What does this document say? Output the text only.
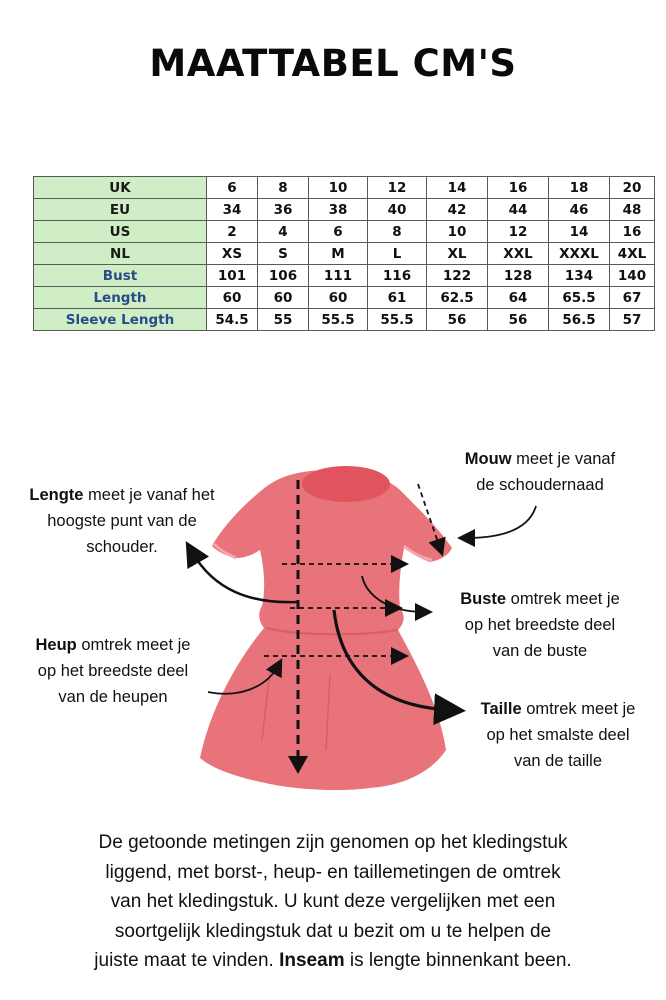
MAATTABEL CM'S
UK	6	8	10	12	14	16	18	20
EU	34	36	38	40	42	44	46	48
US	2	4	6	8	10	12	14	16
NL	XS	S	M	L	XL	XXL	XXXL	4XL
Bust	101	106	111	116	122	128	134	140
Length	60	60	60	61	62.5	64	65.5	67
Sleeve Length	54.5	55	55.5	55.5	56	56	56.5	57
Lengte meet je vanaf het
hoogste punt van de
schouder.
Mouw meet je vanaf
de schoudernaad
Buste omtrek meet je
op het breedste deel
van de buste
Heup omtrek meet je
op het breedste deel
van de heupen
Taille omtrek meet je
op het smalste deel
van de taille
De getoonde metingen zijn genomen op het kledingstuk
liggend, met borst-, heup- en taillemetingen de omtrek
van het kledingstuk. U kunt deze vergelijken met een
soortgelijk kledingstuk dat u bezit om u te helpen de
juiste maat te vinden. Inseam is lengte binnenkant been.
